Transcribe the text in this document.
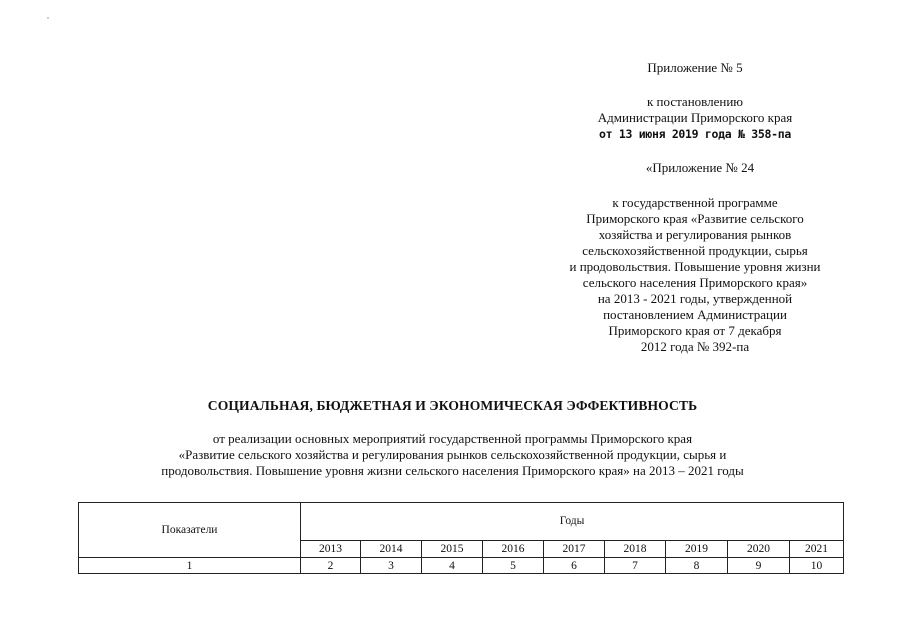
Приложение № 5
к постановлению
Администрации Приморского края
от 13 июня 2019 года № 358-па
«Приложение № 24
к государственной программе
Приморского края «Развитие сельского
хозяйства и регулирования рынков
сельскохозяйственной продукции, сырья
и продовольствия. Повышение уровня жизни
сельского населения Приморского края»
на 2013 - 2021 годы, утвержденной
постановлением Администрации
Приморского края от 7 декабря
2012 года № 392-па
СОЦИАЛЬНАЯ, БЮДЖЕТНАЯ И ЭКОНОМИЧЕСКАЯ ЭФФЕКТИВНОСТЬ
от реализации основных мероприятий государственной программы Приморского края
«Развитие сельского хозяйства и регулирования рынков сельскохозяйственной продукции, сырья и
продовольствия. Повышение уровня жизни сельского населения Приморского края» на 2013 – 2021 годы
Показатели	Годы								
	2013	2014	2015	2016	2017	2018	2019	2020	2021
1	2	3	4	5	6	7	8	9	10
